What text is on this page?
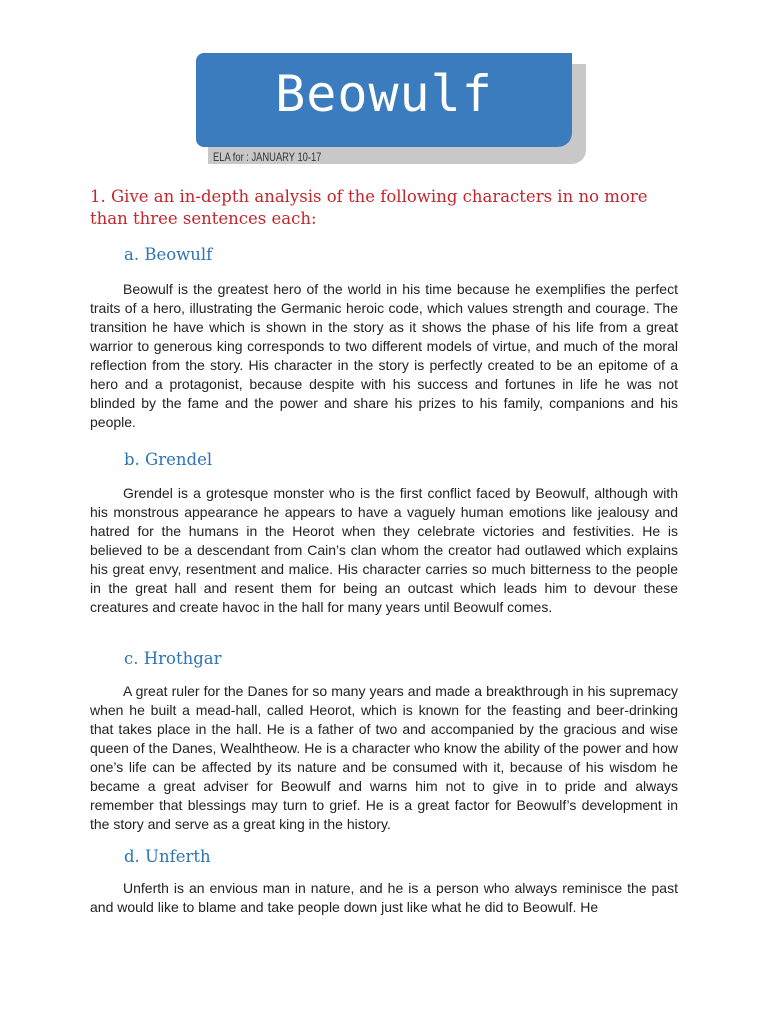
Beowulf
ELA for : JANUARY 10-17
1. Give an in-depth analysis of the following characters in no more than three sentences each:
a. Beowulf
Beowulf is the greatest hero of the world in his time because he exemplifies the perfect traits of a hero, illustrating the Germanic heroic code, which values strength and courage. The transition he have which is shown in the story as it shows the phase of his life from a great warrior to generous king corresponds to two different models of virtue, and much of the moral reflection from the story. His character in the story is perfectly created to be an epitome of a hero and a protagonist, because despite with his success and fortunes in life he was not blinded by the fame and the power and share his prizes to his family, companions and his people.
b. Grendel
Grendel is a grotesque monster who is the first conflict faced by Beowulf, although with his monstrous appearance he appears to have a vaguely human emotions like jealousy and hatred for the humans in the Heorot when they celebrate victories and festivities. He is believed to be a descendant from Cain’s clan whom the creator had outlawed which explains his great envy, resentment and malice. His character carries so much bitterness to the people in the great hall and resent them for being an outcast which leads him to devour these creatures and create havoc in the hall for many years until Beowulf comes.
c. Hrothgar
A great ruler for the Danes for so many years and made a breakthrough in his supremacy when he built a mead-hall, called Heorot, which is known for the feasting and beer-drinking that takes place in the hall. He is a father of two and accompanied by the gracious and wise queen of the Danes, Wealhtheow. He is a character who know the ability of the power and how one’s life can be affected by its nature and be consumed with it, because of his wisdom he became a great adviser for Beowulf and warns him not to give in to pride and always remember that blessings may turn to grief. He is a great factor for Beowulf’s development in the story and serve as a great king in the history.
d. Unferth
Unferth is an envious man in nature, and he is a person who always reminisce the past and would like to blame and take people down just like what he did to Beowulf. He
